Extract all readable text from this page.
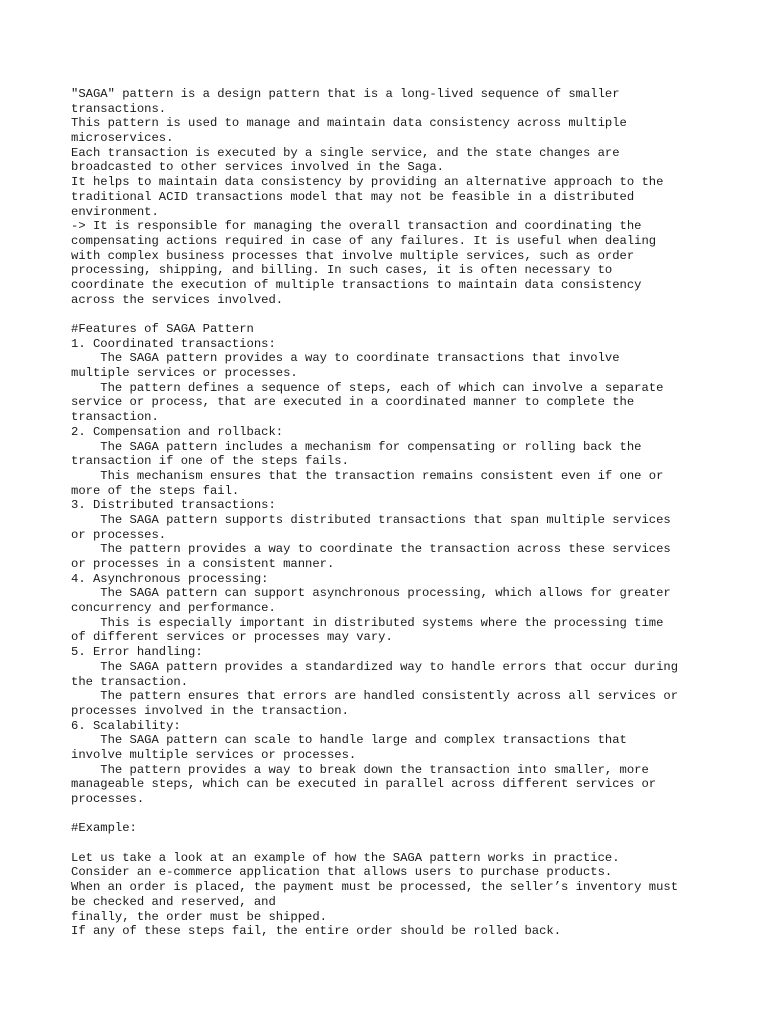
"SAGA" pattern is a design pattern that is a long-lived sequence of smaller
transactions.
This pattern is used to manage and maintain data consistency across multiple
microservices.
Each transaction is executed by a single service, and the state changes are
broadcasted to other services involved in the Saga.
It helps to maintain data consistency by providing an alternative approach to the
traditional ACID transactions model that may not be feasible in a distributed
environment.
-> It is responsible for managing the overall transaction and coordinating the
compensating actions required in case of any failures. It is useful when dealing
with complex business processes that involve multiple services, such as order
processing, shipping, and billing. In such cases, it is often necessary to
coordinate the execution of multiple transactions to maintain data consistency
across the services involved.

#Features of SAGA Pattern
1. Coordinated transactions:
The SAGA pattern provides a way to coordinate transactions that involve
multiple services or processes.
The pattern defines a sequence of steps, each of which can involve a separate
service or process, that are executed in a coordinated manner to complete the
transaction.
2. Compensation and rollback:
The SAGA pattern includes a mechanism for compensating or rolling back the
transaction if one of the steps fails.
This mechanism ensures that the transaction remains consistent even if one or
more of the steps fail.
3. Distributed transactions:
The SAGA pattern supports distributed transactions that span multiple services
or processes.
The pattern provides a way to coordinate the transaction across these services
or processes in a consistent manner.
4. Asynchronous processing:
The SAGA pattern can support asynchronous processing, which allows for greater
concurrency and performance.
This is especially important in distributed systems where the processing time
of different services or processes may vary.
5. Error handling:
The SAGA pattern provides a standardized way to handle errors that occur during
the transaction.
The pattern ensures that errors are handled consistently across all services or
processes involved in the transaction.
6. Scalability:
The SAGA pattern can scale to handle large and complex transactions that
involve multiple services or processes.
The pattern provides a way to break down the transaction into smaller, more
manageable steps, which can be executed in parallel across different services or
processes.

#Example:

Let us take a look at an example of how the SAGA pattern works in practice.
Consider an e-commerce application that allows users to purchase products.
When an order is placed, the payment must be processed, the seller’s inventory must
be checked and reserved, and
finally, the order must be shipped.
If any of these steps fail, the entire order should be rolled back.
